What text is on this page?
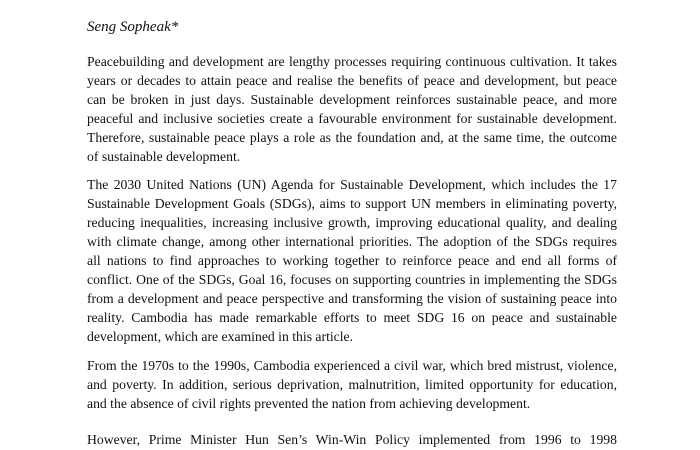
Seng Sopheak*
Peacebuilding and development are lengthy processes requiring continuous cultivation. It takes
years or decades to attain peace and realise the benefits of peace and development, but peace
can be broken in just days. Sustainable development reinforces sustainable peace, and more
peaceful and inclusive societies create a favourable environment for sustainable development.
Therefore, sustainable peace plays a role as the foundation and, at the same time, the outcome
of sustainable development.
The 2030 United Nations (UN) Agenda for Sustainable Development, which includes the 17
Sustainable Development Goals (SDGs), aims to support UN members in eliminating poverty,
reducing inequalities, increasing inclusive growth, improving educational quality, and dealing
with climate change, among other international priorities. The adoption of the SDGs requires
all nations to find approaches to working together to reinforce peace and end all forms of
conflict. One of the SDGs, Goal 16, focuses on supporting countries in implementing the SDGs
from a development and peace perspective and transforming the vision of sustaining peace into
reality. Cambodia has made remarkable efforts to meet SDG 16 on peace and sustainable
development, which are examined in this article.
From the 1970s to the 1990s, Cambodia experienced a civil war, which bred mistrust, violence,
and poverty. In addition, serious deprivation, malnutrition, limited opportunity for education,
and the absence of civil rights prevented the nation from achieving development.
However, Prime Minister Hun Sen’s Win-Win Policy implemented from 1996 to 1998
